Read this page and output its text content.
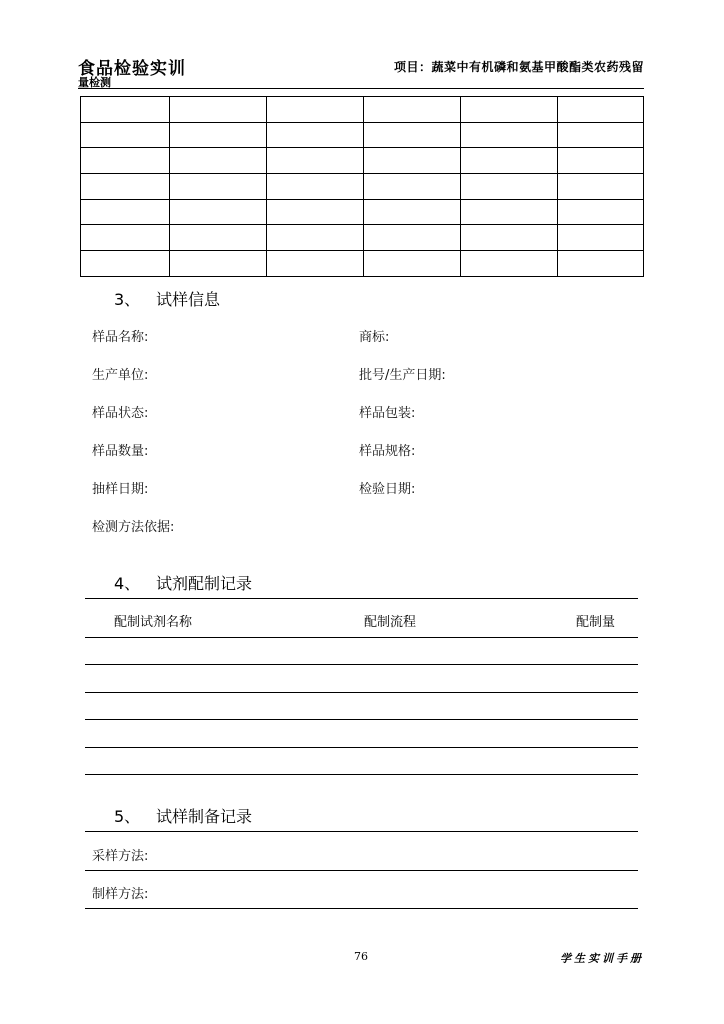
食品检验实训
量检测
项目：蔬菜中有机磷和氨基甲酸酯类农药残留

3、 试样信息
样品名称:	商标:
生产单位:	批号/生产日期:
样品状态:	样品包装:
样品数量:	样品规格:
抽样日期:	检验日期:
检测方法依据:
4、 试剂配制记录
配制试剂名称	配制流程	配制量
5、 试样制备记录
采样方法:
制样方法:
76	学生实训手册
